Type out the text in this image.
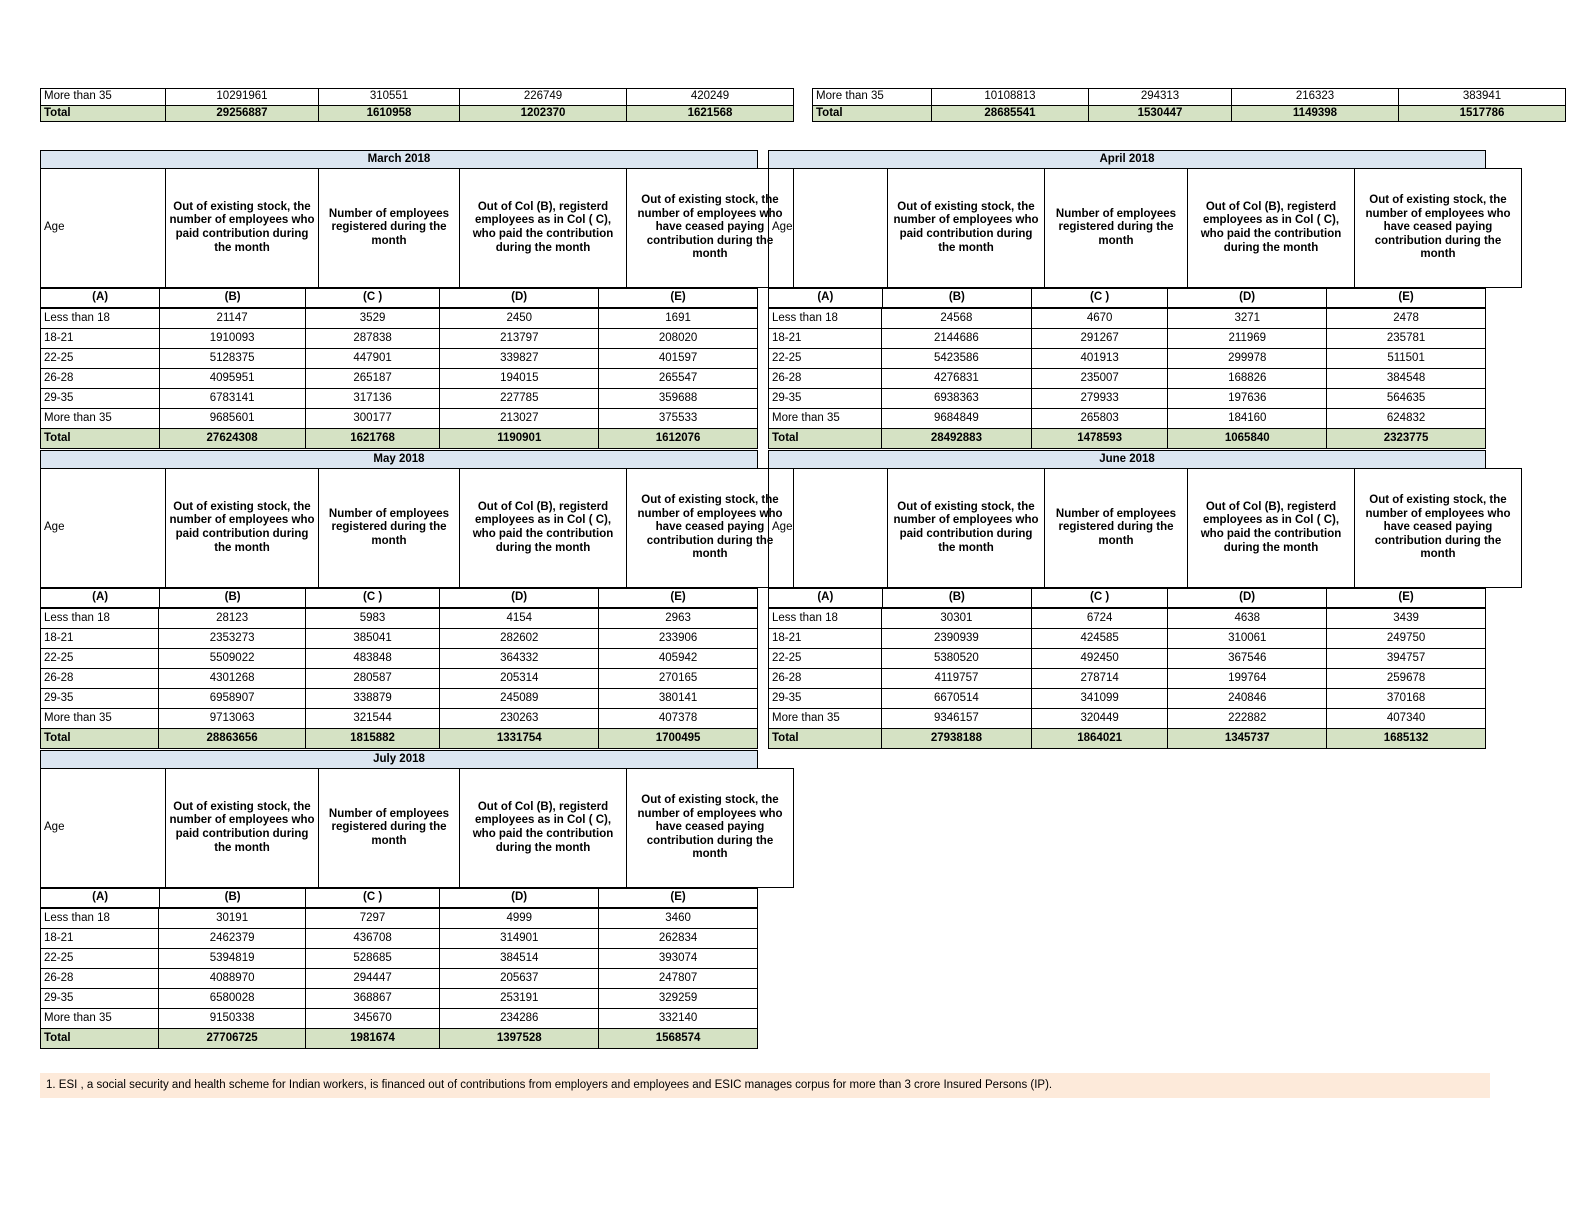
More than 35	10291961	310551	226749	420249
Total	29256887	1610958	1202370	1621568
More than 35	10108813	294313	216323	383941
Total	28685541	1530447	1149398	1517786
March 2018
Age	Out of existing stock, the number of employees who paid contribution during the month	Number of employees registered during the month	Out of Col (B), registerd employees as in Col ( C), who paid the contribution during the month	Out of existing stock, the number of employees who have ceased paying contribution during the month
(A)	(B)	(C )	(D)	(E)
Less than 18	21147	3529	2450	1691
18-21	1910093	287838	213797	208020
22-25	5128375	447901	339827	401597
26-28	4095951	265187	194015	265547
29-35	6783141	317136	227785	359688
More than 35	9685601	300177	213027	375533
Total	27624308	1621768	1190901	1612076
April 2018
Age	Out of existing stock, the number of employees who paid contribution during the month	Number of employees registered during the month	Out of Col (B), registerd employees as in Col ( C), who paid the contribution during the month	Out of existing stock, the number of employees who have ceased paying contribution during the month
(A)	(B)	(C )	(D)	(E)
Less than 18	24568	4670	3271	2478
18-21	2144686	291267	211969	235781
22-25	5423586	401913	299978	511501
26-28	4276831	235007	168826	384548
29-35	6938363	279933	197636	564635
More than 35	9684849	265803	184160	624832
Total	28492883	1478593	1065840	2323775
May 2018
Age	Out of existing stock, the number of employees who paid contribution during the month	Number of employees registered during the month	Out of Col (B), registerd employees as in Col ( C), who paid the contribution during the month	Out of existing stock, the number of employees who have ceased paying contribution during the month
(A)	(B)	(C )	(D)	(E)
Less than 18	28123	5983	4154	2963
18-21	2353273	385041	282602	233906
22-25	5509022	483848	364332	405942
26-28	4301268	280587	205314	270165
29-35	6958907	338879	245089	380141
More than 35	9713063	321544	230263	407378
Total	28863656	1815882	1331754	1700495
June 2018
Age	Out of existing stock, the number of employees who paid contribution during the month	Number of employees registered during the month	Out of Col (B), registerd employees as in Col ( C), who paid the contribution during the month	Out of existing stock, the number of employees who have ceased paying contribution during the month
(A)	(B)	(C )	(D)	(E)
Less than 18	30301	6724	4638	3439
18-21	2390939	424585	310061	249750
22-25	5380520	492450	367546	394757
26-28	4119757	278714	199764	259678
29-35	6670514	341099	240846	370168
More than 35	9346157	320449	222882	407340
Total	27938188	1864021	1345737	1685132
July 2018
Age	Out of existing stock, the number of employees who paid contribution during the month	Number of employees registered during the month	Out of Col (B), registerd employees as in Col ( C), who paid the contribution during the month	Out of existing stock, the number of employees who have ceased paying contribution during the month
(A)	(B)	(C )	(D)	(E)
Less than 18	30191	7297	4999	3460
18-21	2462379	436708	314901	262834
22-25	5394819	528685	384514	393074
26-28	4088970	294447	205637	247807
29-35	6580028	368867	253191	329259
More than 35	9150338	345670	234286	332140
Total	27706725	1981674	1397528	1568574
1. ESI , a social security and health scheme for Indian workers, is financed out of contributions from employers and employees and ESIC manages corpus for more than 3 crore Insured Persons (IP).
